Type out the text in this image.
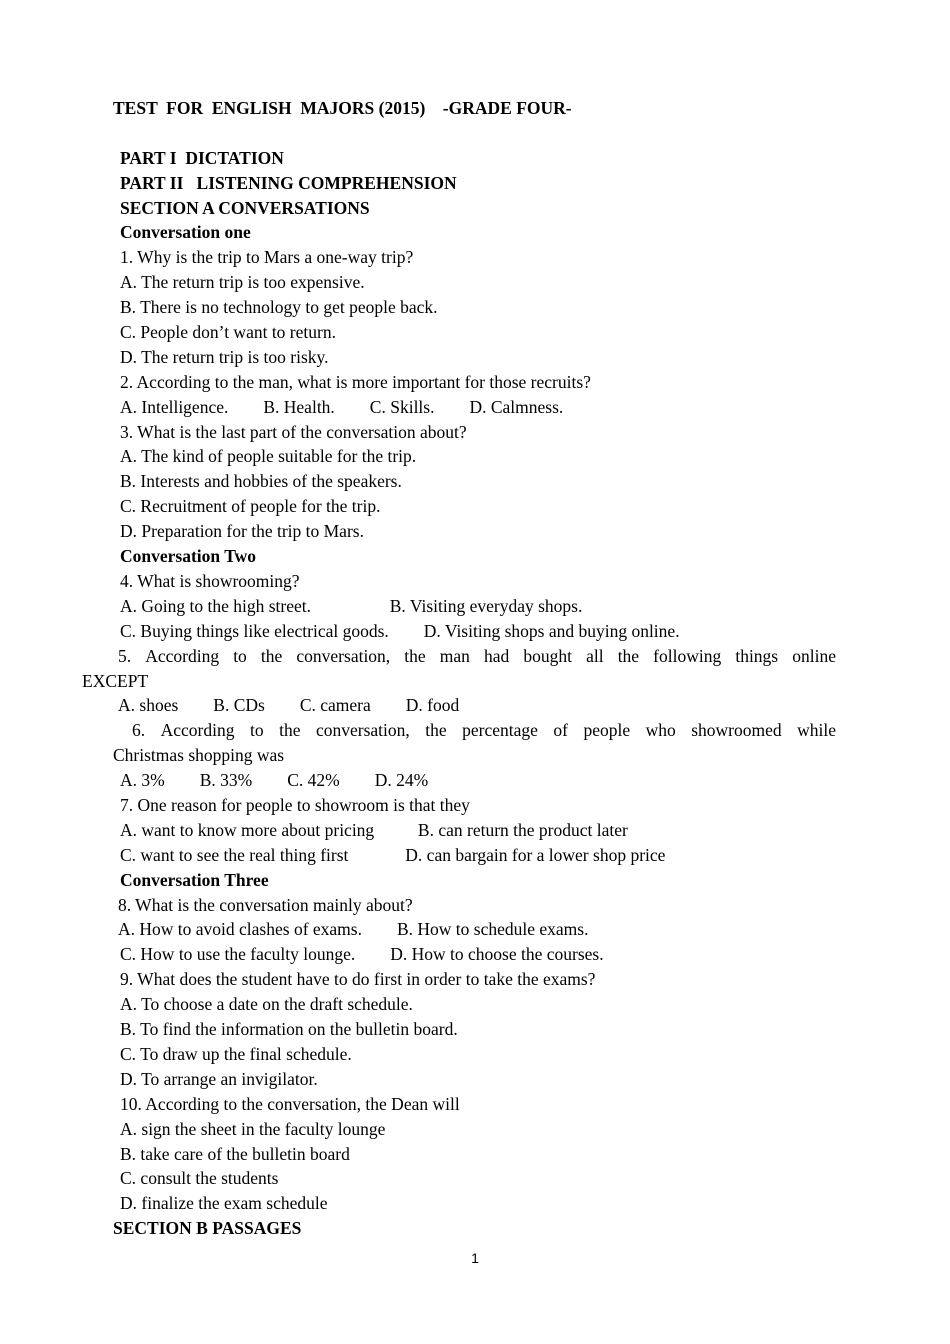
TEST  FOR  ENGLISH  MAJORS (2015)    -GRADE FOUR-
PART I  DICTATION
PART II   LISTENING COMPREHENSION
SECTION A CONVERSATIONS
Conversation one
1. Why is the trip to Mars a one-way trip?
A. The return trip is too expensive.
B. There is no technology to get people back.
C. People don’t want to return.
D. The return trip is too risky.
2. According to the man, what is more important for those recruits?
A. Intelligence.        B. Health.        C. Skills.        D. Calmness.
3. What is the last part of the conversation about?
A. The kind of people suitable for the trip.
B. Interests and hobbies of the speakers.
C. Recruitment of people for the trip.
D. Preparation for the trip to Mars.
Conversation Two
4. What is showrooming?
A. Going to the high street.                  B. Visiting everyday shops.
C. Buying things like electrical goods.        D. Visiting shops and buying online.
5. According to the conversation, the man had bought all the following things online
EXCEPT
A. shoes        B. CDs        C. camera        D. food
6. According to the conversation, the percentage of people who showroomed while
Christmas shopping was
A. 3%        B. 33%        C. 42%        D. 24%
7. One reason for people to showroom is that they
A. want to know more about pricing          B. can return the product later
C. want to see the real thing first             D. can bargain for a lower shop price
Conversation Three
8. What is the conversation mainly about?
A. How to avoid clashes of exams.        B. How to schedule exams.
C. How to use the faculty lounge.        D. How to choose the courses.
9. What does the student have to do first in order to take the exams?
A. To choose a date on the draft schedule.
B. To find the information on the bulletin board.
C. To draw up the final schedule.
D. To arrange an invigilator.
10. According to the conversation, the Dean will
A. sign the sheet in the faculty lounge
B. take care of the bulletin board
C. consult the students
D. finalize the exam schedule
SECTION B PASSAGES
1
